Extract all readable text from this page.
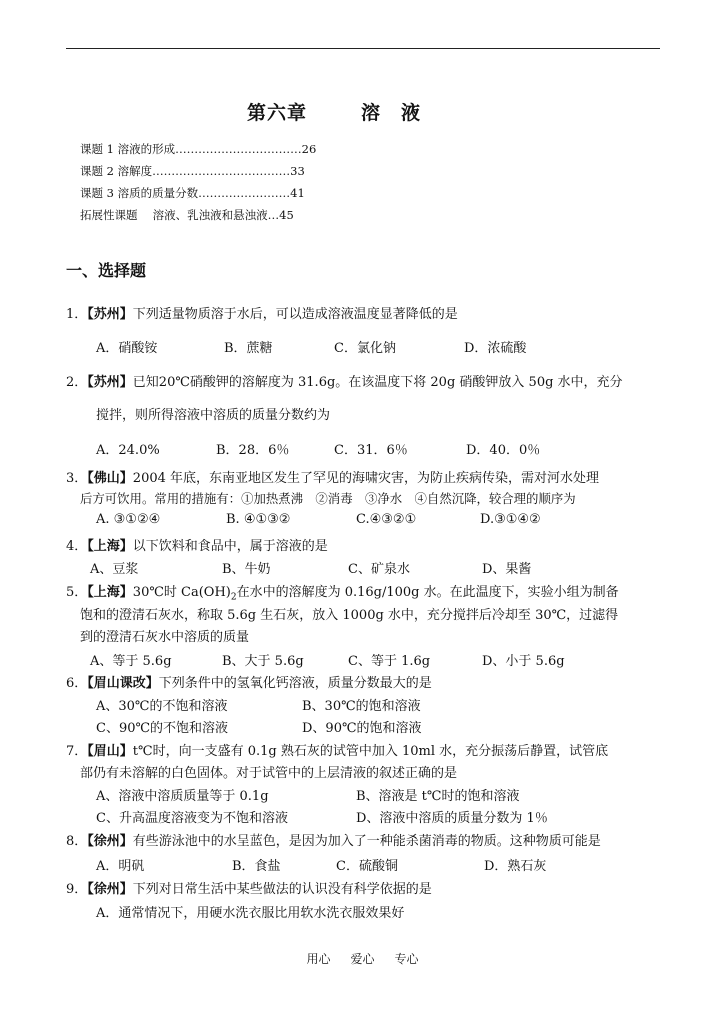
第六章	溶　液
课题 1 溶液的形成……………………………26
课题 2 溶解度………………………………33
课题 3 溶质的质量分数……………………41
拓展性课题　 溶液、乳浊液和悬浊液…45
一、选择题
1．【苏州】下列适量物质溶于水后，可以造成溶液温度显著降低的是
A．硝酸铵	B．蔗糖	C．氯化钠	D．浓硫酸
2．【苏州】已知20℃硝酸钾的溶解度为 31.6g。在该温度下将 20g 硝酸钾放入 50g 水中，充分
搅拌，则所得溶液中溶质的质量分数约为
A．24.0%	B．28．6％	C．31．6％	D．40．0％
3．【佛山】2004 年底，东南亚地区发生了罕见的海啸灾害，为防止疾病传染，需对河水处理
后方可饮用。常用的措施有：①加热煮沸　②消毒　③净水　④自然沉降，较合理的顺序为
A. ③①②④	B. ④①③②	C.④③②①	D.③①④②
4．【上海】以下饮料和食品中，属于溶液的是
A、豆浆	B、牛奶	C、矿泉水	D、果酱
5．【上海】30℃时 $Ca(OH)_2$在水中的溶解度为 0.16g/100g 水。在此温度下，实验小组为制备
饱和的澄清石灰水，称取 5.6g 生石灰，放入 1000g 水中，充分搅拌后冷却至 30℃，过滤得
到的澄清石灰水中溶质的质量
A、等于 5.6g	B、大于 5.6g	C、等于 1.6g	D、小于 5.6g
6．【眉山课改】下列条件中的氢氧化钙溶液，质量分数最大的是
A、30℃的不饱和溶液	B、30℃的饱和溶液
C、90℃的不饱和溶液	D、90℃的饱和溶液
7．【眉山】t℃时，向一支盛有 0.1g 熟石灰的试管中加入 10ml 水，充分振荡后静置，试管底
部仍有未溶解的白色固体。对于试管中的上层清液的叙述正确的是
A、溶液中溶质质量等于 0.1g	B、溶液是 t℃时的饱和溶液
C、升高温度溶液变为不饱和溶液	D、溶液中溶质的质量分数为 1％
8．【徐州】有些游泳池中的水呈蓝色，是因为加入了一种能杀菌消毒的物质。这种物质可能是
A．明矾	B．食盐	C．硫酸铜	D．熟石灰
9．【徐州】下列对日常生活中某些做法的认识没有科学依据的是
A．通常情况下，用硬水洗衣服比用软水洗衣服效果好
用心 爱心 专心
